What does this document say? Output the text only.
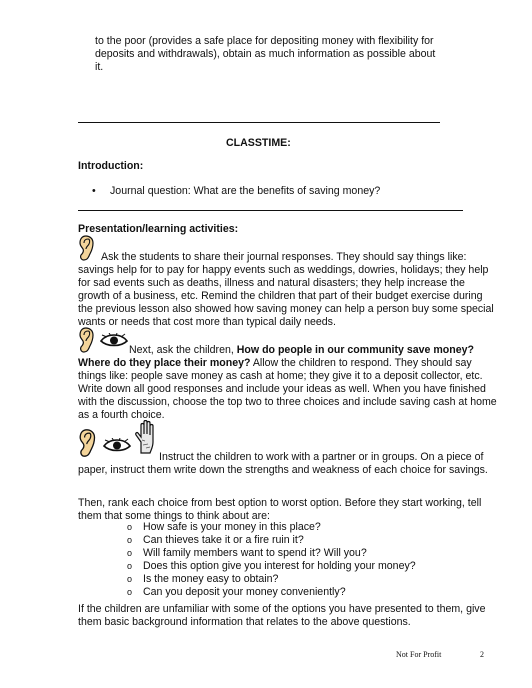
to the poor (provides a safe place for depositing money with flexibility for deposits and withdrawals), obtain as much information as possible about it.
CLASSTIME:
Introduction:
• Journal question: What are the benefits of saving money?
Presentation/learning activities:
Ask the students to share their journal responses. They should say things like: savings help for to pay for happy events such as weddings, dowries, holidays; they help for sad events such as deaths, illness and natural disasters; they help increase the growth of a business, etc. Remind the children that part of their budget exercise during the previous lesson also showed how saving money can help a person buy some special wants or needs that cost more than typical daily needs.
Next, ask the children, How do people in our community save money? Where do they place their money? Allow the children to respond. They should say things like: people save money as cash at home; they give it to a deposit collector, etc. Write down all good responses and include your ideas as well. When you have finished with the discussion, choose the top two to three choices and include saving cash at home as a fourth choice.
Instruct the children to work with a partner or in groups. On a piece of paper, instruct them write down the strengths and weakness of each choice for savings.
Then, rank each choice from best option to worst option. Before they start working, tell them that some things to think about are:
o How safe is your money in this place?
o Can thieves take it or a fire ruin it?
o Will family members want to spend it? Will you?
o Does this option give you interest for holding your money?
o Is the money easy to obtain?
o Can you deposit your money conveniently?
If the children are unfamiliar with some of the options you have presented to them, give them basic background information that relates to the above questions.
Not For Profit	2
